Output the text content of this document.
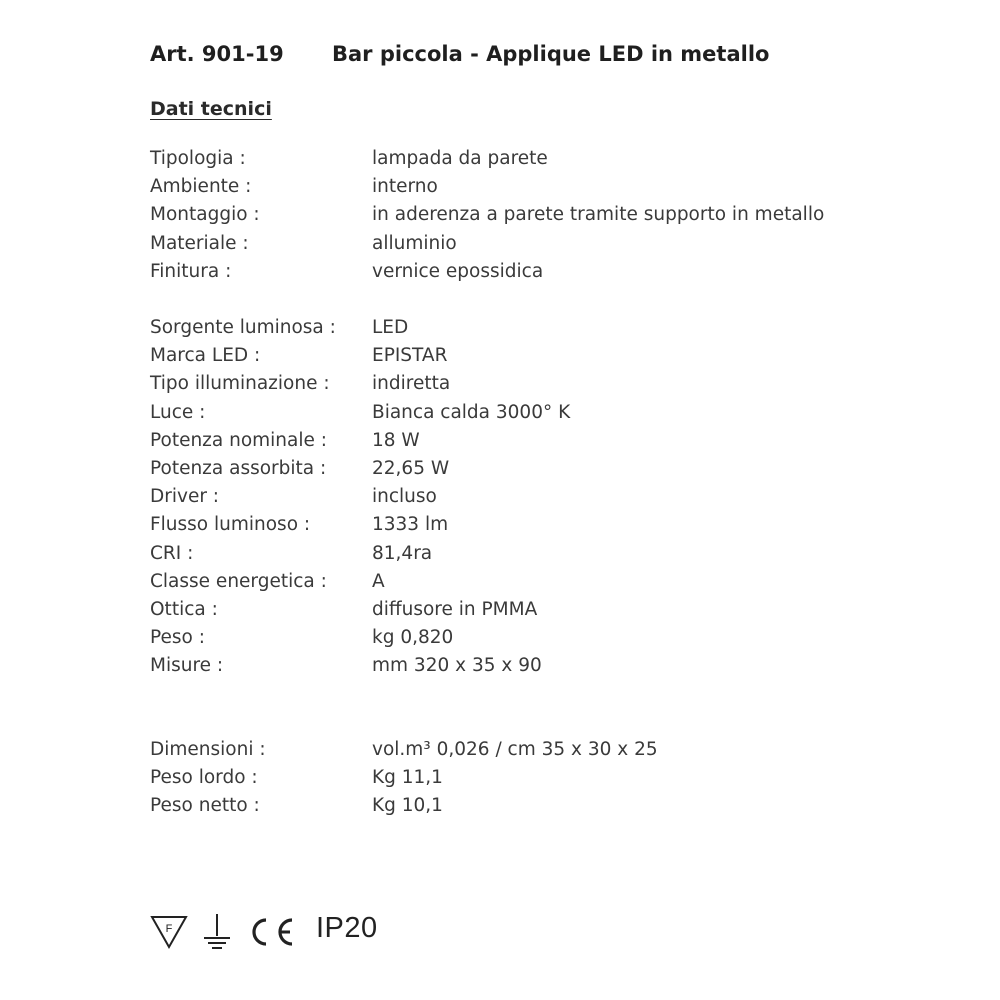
Art. 901-19 Bar piccola - Applique LED in metallo
Dati tecnici
Tipologia :	lampada da parete
Ambiente :	interno
Montaggio :	in aderenza a parete tramite supporto in metallo
Materiale :	alluminio
Finitura :	vernice epossidica
Sorgente luminosa : LED
Marca LED :	EPISTAR
Tipo illuminazione : indiretta
Luce :	Bianca calda 3000° K
Potenza nominale : 18 W
Potenza assorbita : 22,65 W
Driver :	incluso
Flusso luminoso :	1333 lm
CRI :	81,4ra
Classe energetica : A
Ottica :	diffusore in PMMA
Peso :	kg 0,820
Misure :	mm 320 x 35 x 90
Dimensioni :	vol.m³ 0,026 / cm 35 x 30 x 25
Peso lordo :	Kg 11,1
Peso netto :	Kg 10,1
F	IP20
